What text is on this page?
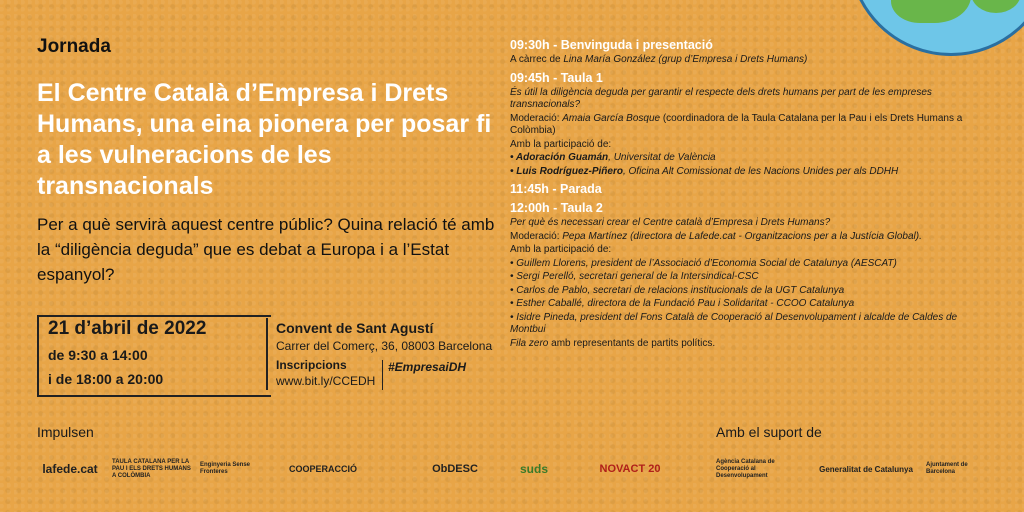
Jornada
El Centre Català d’Empresa i Drets Humans, una eina pionera per posar fi a les vulneracions de les transnacionals
Per a què servirà aquest centre públic? Quina relació té amb la “diligència deguda” que es debat a Europa i a l’Estat espanyol?
21 d’abril de 2022
de 9:30 a 14:00
i de 18:00 a 20:00
Convent de Sant Agustí
Carrer del Comerç, 36, 08003 Barcelona
Inscripcions
www.bit.ly/CCEDH
#EmpresaiDH
09:30h - Benvinguda i presentació

A càrrec de Lina María González (grup d’Empresa i Drets Humans)

09:45h - Taula 1

És útil la diligència deguda per garantir el respecte dels drets humans per part de les empreses transnacionals?

Moderació: Amaia García Bosque (coordinadora de la Taula Catalana per la Pau i els Drets Humans a Colòmbia)

Amb la participació de:

• Adoración Guamán, Universitat de València

• Luis Rodríguez-Piñero, Oficina Alt Comissionat de les Nacions Unides per als DDHH

11:45h - Parada
12:00h - Taula 2

Per què és necessari crear el Centre català d’Empresa i Drets Humans?

Moderació: Pepa Martínez (directora de Lafede.cat - Organitzacions per a la Justícia Global).

Amb la participació de:

• Guillem Llorens, president de l’Associació d’Economia Social de Catalunya (AESCAT)

• Sergi Perelló, secretari general de la Intersindical-CSC

• Carlos de Pablo, secretari de relacions institucionals de la UGT Catalunya

• Esther Caballé, directora de la Fundació Pau i Solidaritat - CCOO Catalunya

• Isidre Pineda, president del Fons Català de Cooperació al Desenvolupament i alcalde de Caldes de Montbui

Fila zero amb representants de partits polítics.

Impulsen	Amb el suport de
lafede.cat
TAULA CATALANA PER LA PAU I ELS DRETS HUMANS A COLÒMBIA
Enginyeria Sense Fronteres	COOPERACCIÓ	ObDESC	suds	NOVACT 20
Agència Catalana de Cooperació al Desenvolupament
Generalitat de Catalunya	Ajuntament de Barcelona
